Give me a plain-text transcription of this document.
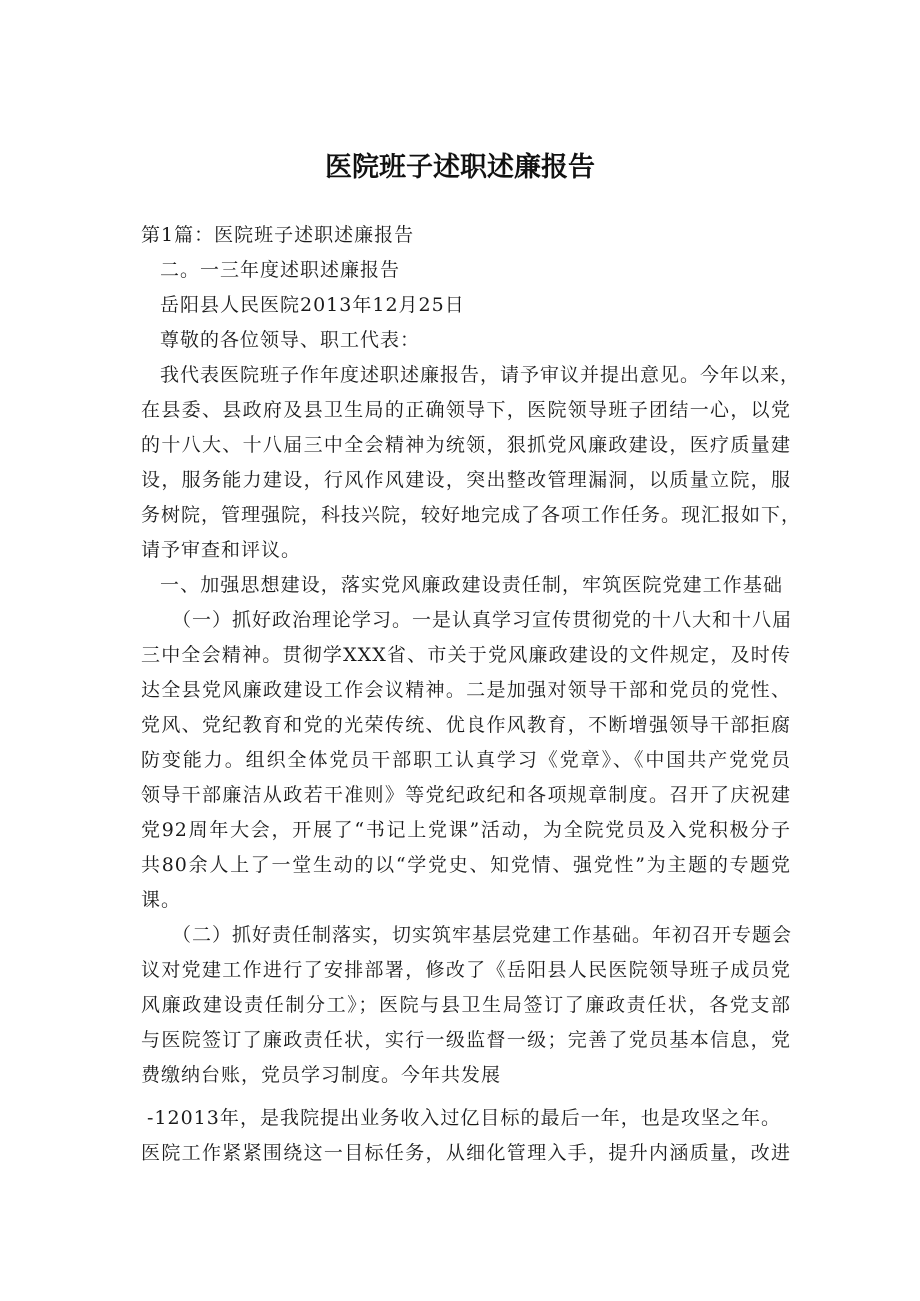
医院班子述职述廉报告
第1篇：医院班子述职述廉报告
二。一三年度述职述廉报告
岳阳县人民医院2013年12月25日
尊敬的各位领导、职工代表：
我代表医院班子作年度述职述廉报告，请予审议并提出意见。今年以来，
在县委、县政府及县卫生局的正确领导下，医院领导班子团结一心，以党
的十八大、十八届三中全会精神为统领，狠抓党风廉政建设，医疗质量建
设，服务能力建设，行风作风建设，突出整改管理漏洞，以质量立院，服
务树院，管理强院，科技兴院，较好地完成了各项工作任务。现汇报如下，
请予审查和评议。
一、加强思想建设，落实党风廉政建设责任制，牢筑医院党建工作基础
（一）抓好政治理论学习。一是认真学习宣传贯彻党的十八大和十八届
三中全会精神。贯彻学XXX省、市关于党风廉政建设的文件规定，及时传
达全县党风廉政建设工作会议精神。二是加强对领导干部和党员的党性、
党风、党纪教育和党的光荣传统、优良作风教育，不断增强领导干部拒腐
防变能力。组织全体党员干部职工认真学习《党章》、《中国共产党党员
领导干部廉洁从政若干准则》等党纪政纪和各项规章制度。召开了庆祝建
党92周年大会，开展了“书记上党课”活动，为全院党员及入党积极分子
共80余人上了一堂生动的以“学党史、知党情、强党性”为主题的专题党
课。
（二）抓好责任制落实，切实筑牢基层党建工作基础。年初召开专题会
议对党建工作进行了安排部署，修改了《岳阳县人民医院领导班子成员党
风廉政建设责任制分工》；医院与县卫生局签订了廉政责任状，各党支部
与医院签订了廉政责任状，实行一级监督一级；完善了党员基本信息，党
费缴纳台账，党员学习制度。今年共发展
-12013年，是我院提出业务收入过亿目标的最后一年，也是攻坚之年。
医院工作紧紧围绕这一目标任务，从细化管理入手，提升内涵质量，改进
